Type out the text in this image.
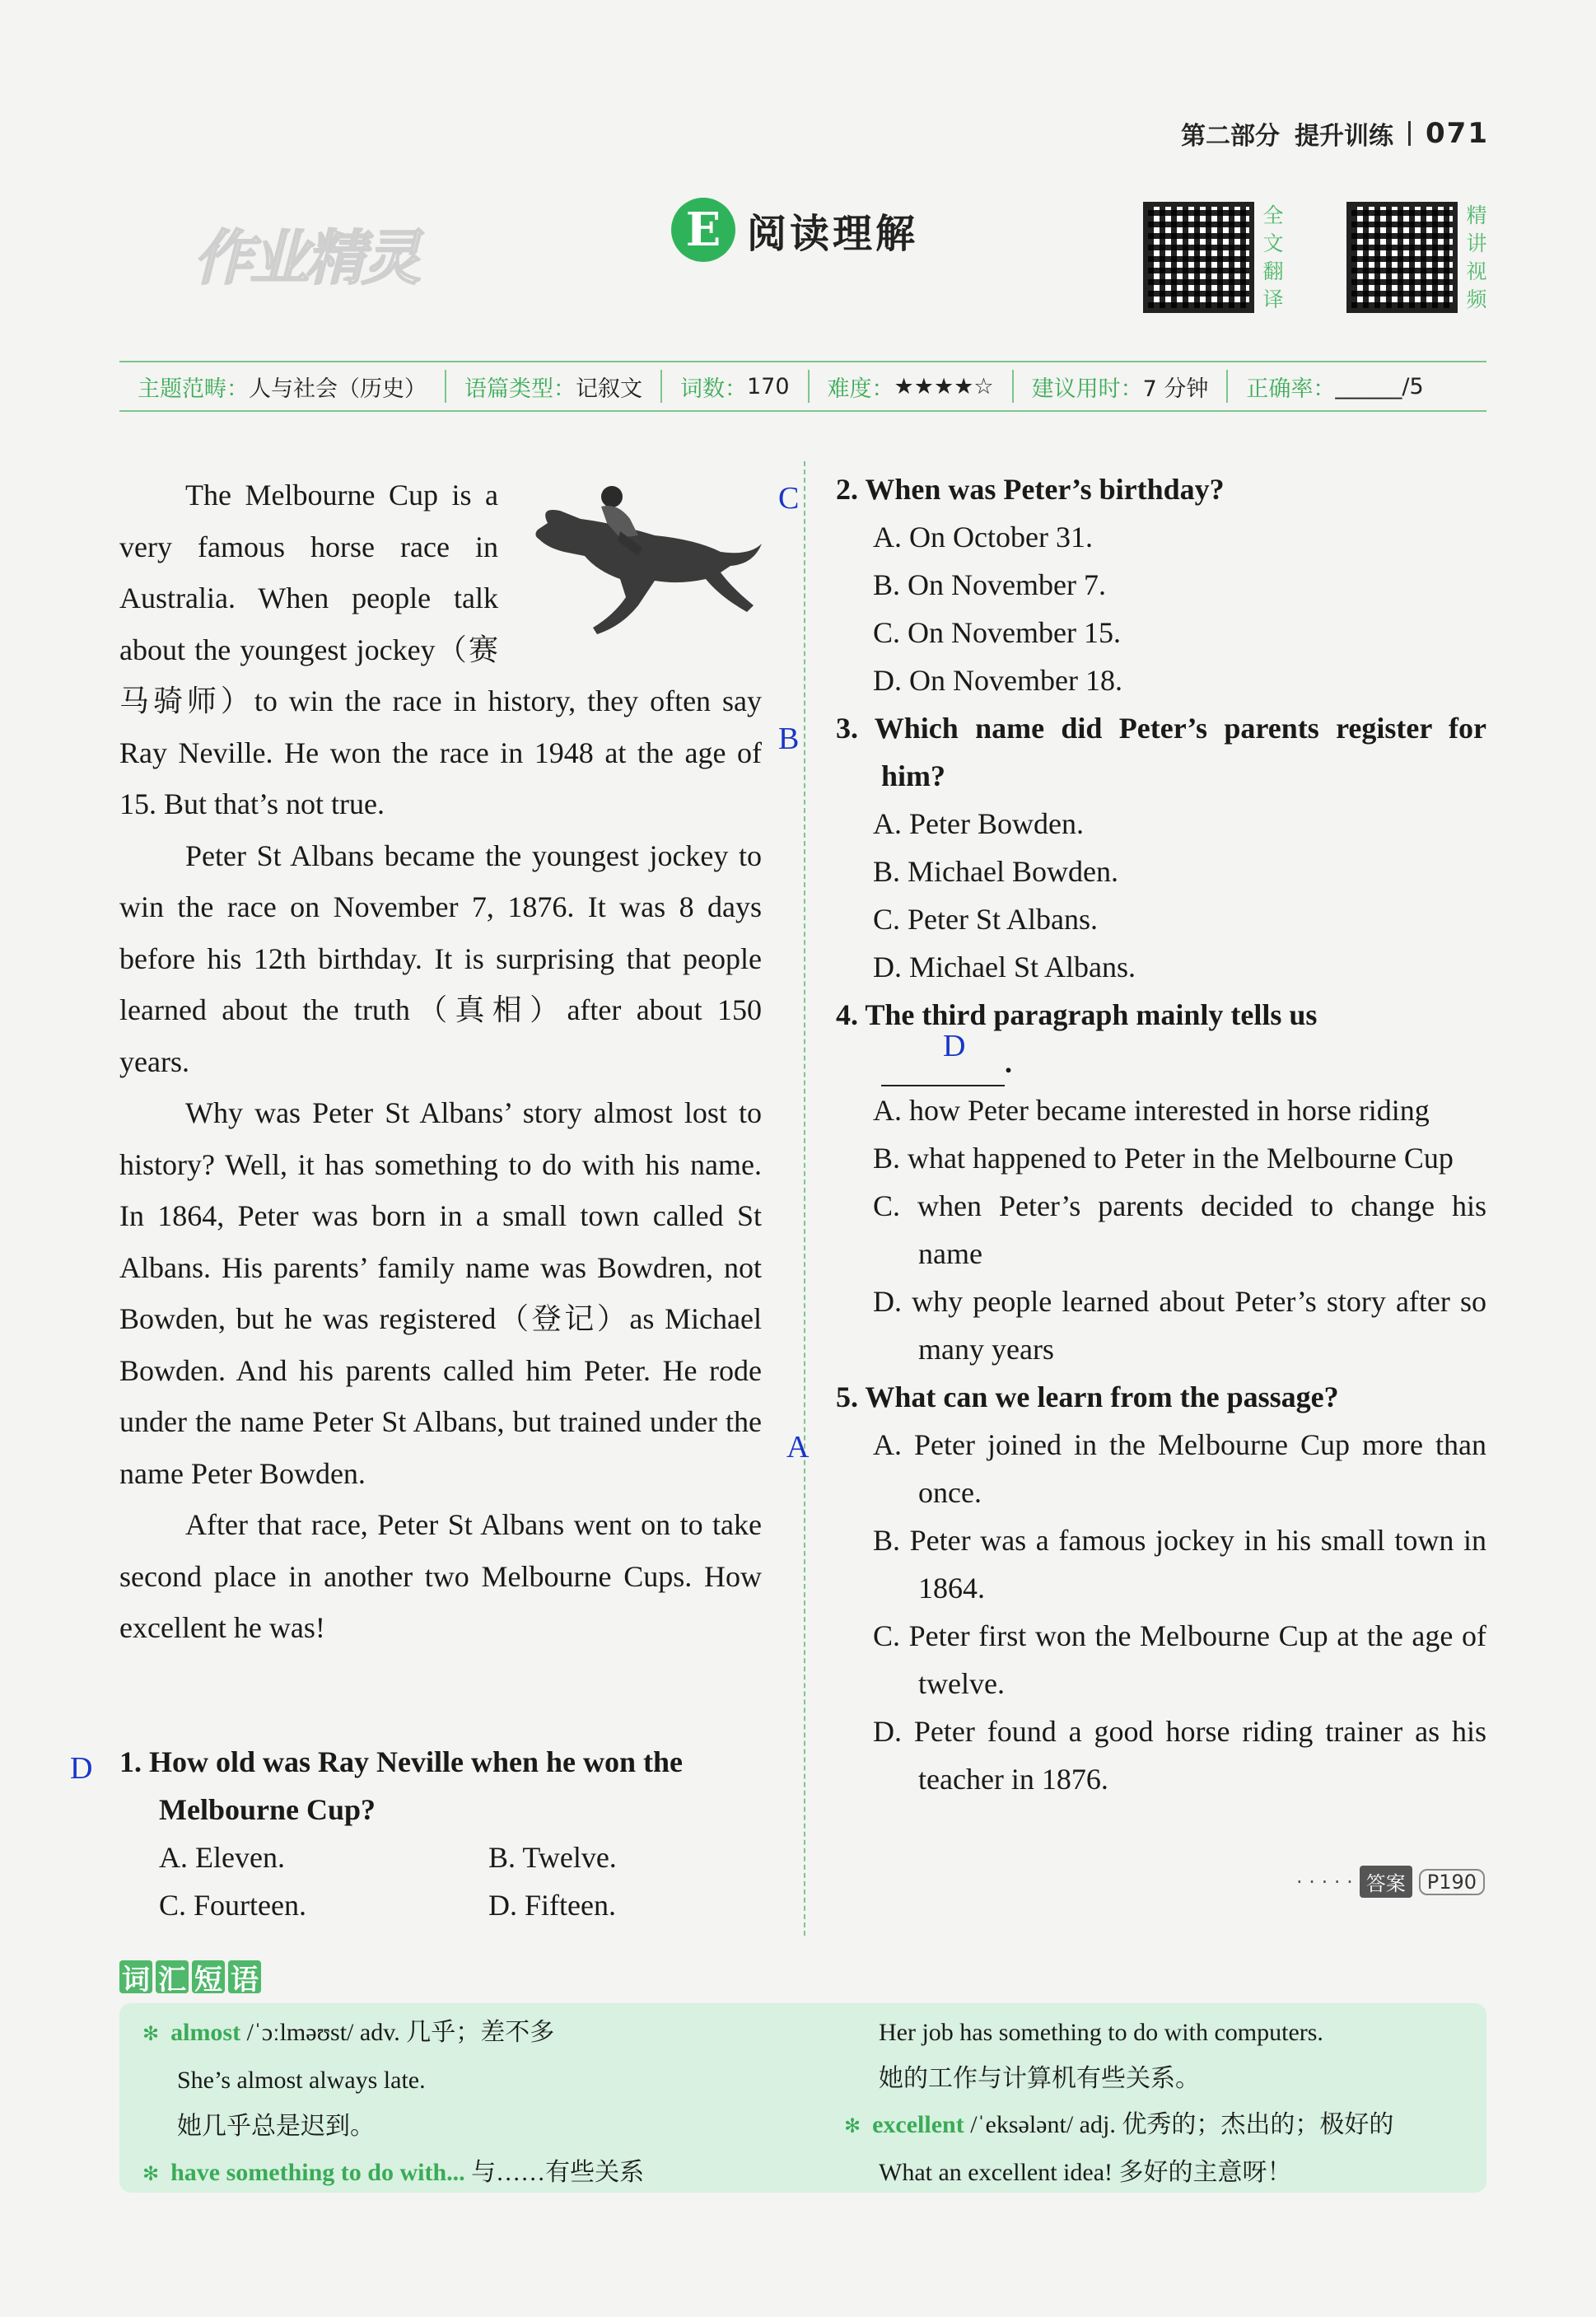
第二部分 提升训练 071
作业精灵	E 阅读理解	全
文
翻
译
精
讲
视
频
主题范畴： 人与社会（历史） 语篇类型： 记叙文 词数： 170 难度： ★★★★☆ 建议用时： 7 分钟 正确率： ______/5

The Melbourne Cup is a very famous horse race in Australia. When people talk about the youngest jockey（赛马骑师）to win the race in history, they often say Ray Neville. He won the race in 1948 at the age of 15. But that’s not true.

Peter St Albans became the youngest jockey to win the race on November 7, 1876. It was 8 days before his 12th birthday. It is surprising that people learned about the truth（真相）after about 150 years.

Why was Peter St Albans’ story almost lost to history? Well, it has something to do with his name. In 1864, Peter was born in a small town called St Albans. His parents’ family name was Bowdren, not Bowden, but he was registered（登记）as Michael Bowden. And his parents called him Peter. He rode under the name Peter St Albans, but trained under the name Peter Bowden.

After that race, Peter St Albans went on to take second place in another two Melbourne Cups. How excellent he was!

C
B
D
A
D 1. How old was Ray Neville when he won the Melbourne Cup?
A. Eleven.	B. Twelve.
C. Fourteen.	D. Fifteen.
2. When was Peter’s birthday?
A. On October 31.
B. On November 7.
C. On November 15.
D. On November 18.
3. Which name did Peter’s parents register for him?
A. Peter Bowden.
B. Michael Bowden.
C. Peter St Albans.
D. Michael St Albans.
4. The third paragraph mainly tells us
.
A. how Peter became interested in horse riding
B. what happened to Peter in the Melbourne Cup
C. when Peter’s parents decided to change his name
D. why people learned about Peter’s story after so many years
5. What can we learn from the passage?
A. Peter joined in the Melbourne Cup more than once.
B. Peter was a famous jockey in his small town in 1864.
C. Peter first won the Melbourne Cup at the age of twelve.
D. Peter found a good horse riding trainer as his teacher in 1876.
· · · · · 答案	P190
词 汇 短 语
✻ almost /ˈɔːlməʊst/ adv. 几乎；差不多
She’s almost always late.
她几乎总是迟到。
✻ have something to do with... 与……有些关系
Her job has something to do with computers.
她的工作与计算机有些关系。
✻ excellent /ˈeksələnt/ adj. 优秀的；杰出的；极好的
What an excellent idea! 多好的主意呀！
